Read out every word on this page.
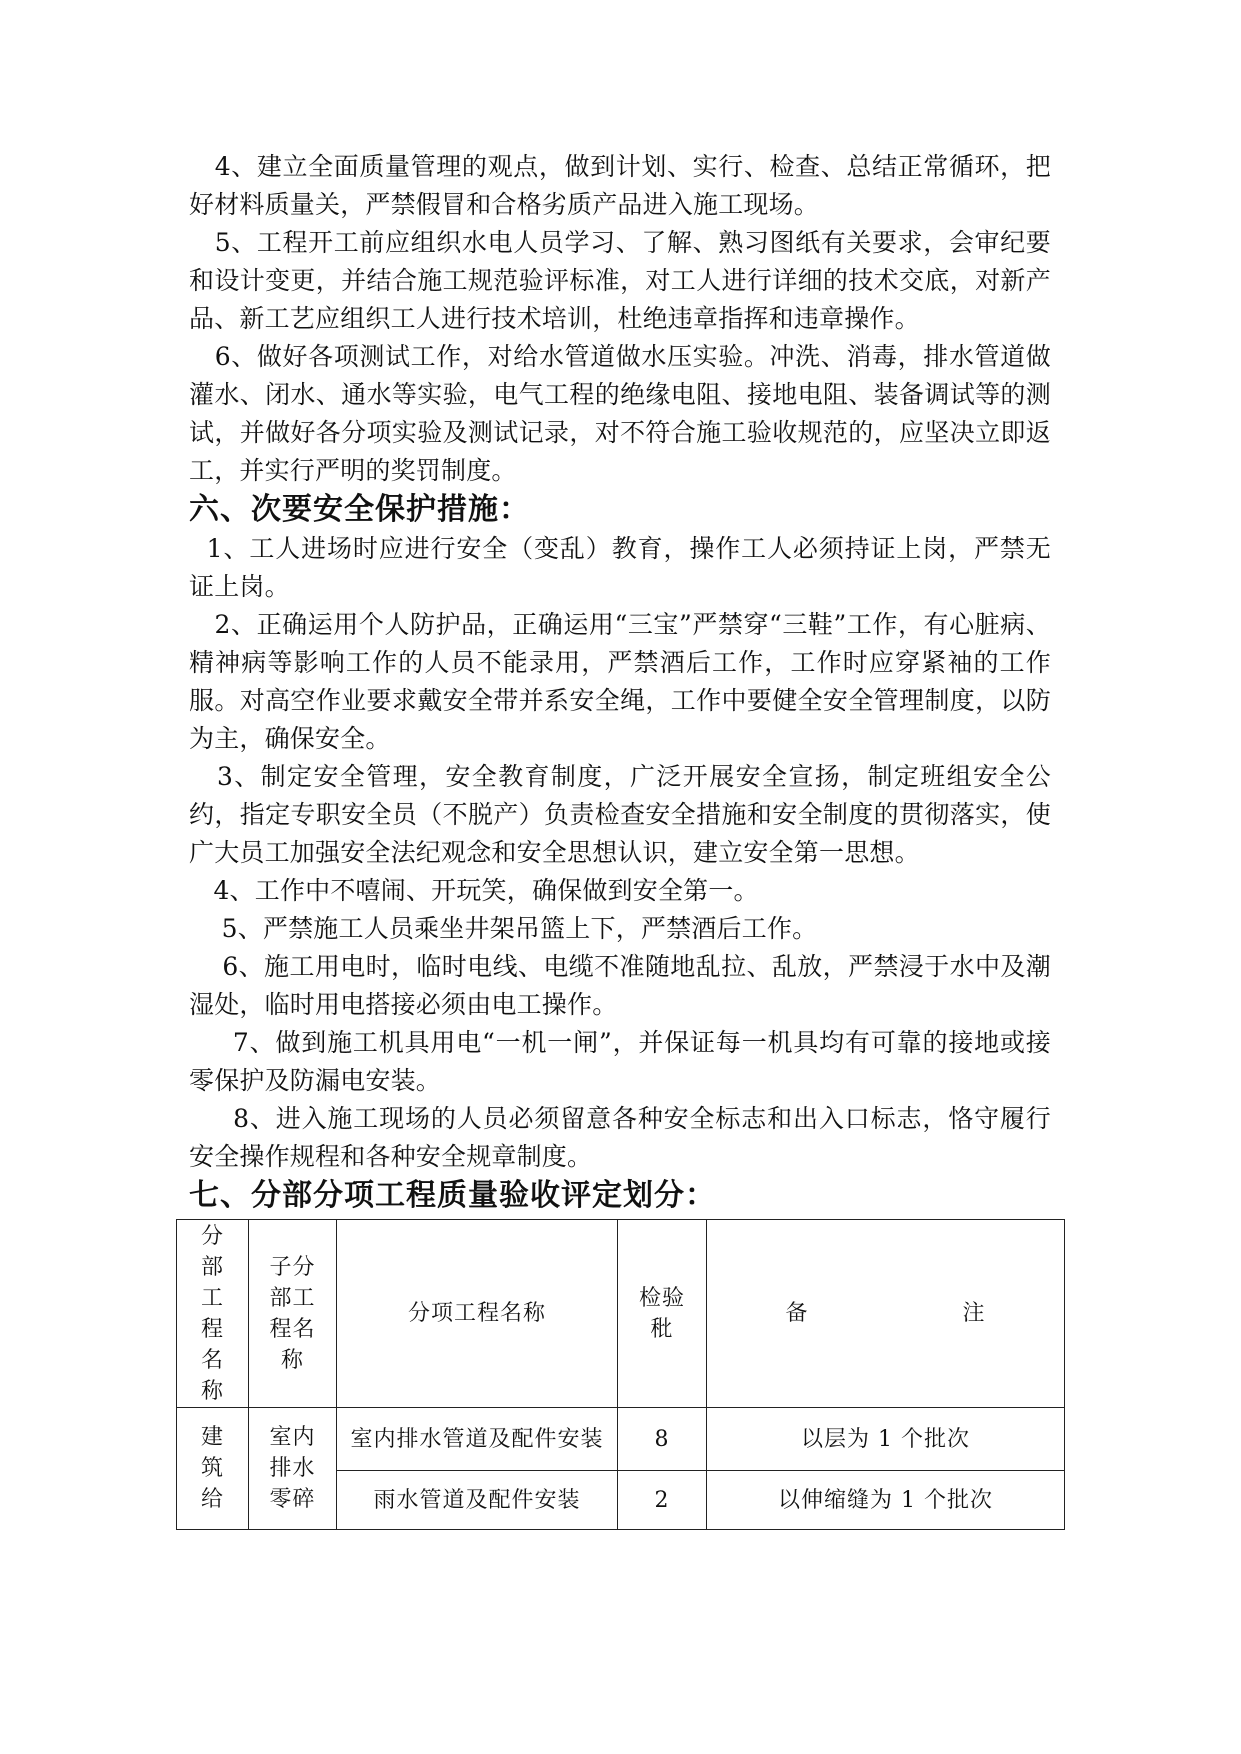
4、建立全面质量管理的观点，做到计划、实行、检查、总结正常循环，把好材料质量关，严禁假冒和合格劣质产品进入施工现场。

5、工程开工前应组织水电人员学习、了解、熟习图纸有关要求，会审纪要和设计变更，并结合施工规范验评标准，对工人进行详细的技术交底，对新产品、新工艺应组织工人进行技术培训，杜绝违章指挥和违章操作。

6、做好各项测试工作，对给水管道做水压实验。冲洗、消毒，排水管道做灌水、闭水、通水等实验，电气工程的绝缘电阻、接地电阻、装备调试等的测试，并做好各分项实验及测试记录，对不符合施工验收规范的，应坚决立即返工，并实行严明的奖罚制度。

六、次要安全保护措施：

1、工人进场时应进行安全（变乱）教育，操作工人必须持证上岗，严禁无证上岗。

2、正确运用个人防护品，正确运用“三宝”严禁穿“三鞋”工作，有心脏病、精神病等影响工作的人员不能录用，严禁酒后工作，工作时应穿紧袖的工作服。对高空作业要求戴安全带并系安全绳，工作中要健全安全管理制度，以防为主，确保安全。

3、制定安全管理，安全教育制度，广泛开展安全宣扬，制定班组安全公约，指定专职安全员（不脱产）负责检查安全措施和安全制度的贯彻落实，使广大员工加强安全法纪观念和安全思想认识，建立安全第一思想。

4、工作中不嘻闹、开玩笑，确保做到安全第一。

5、严禁施工人员乘坐井架吊篮上下，严禁酒后工作。

6、施工用电时，临时电线、电缆不准随地乱拉、乱放，严禁浸于水中及潮湿处，临时用电搭接必须由电工操作。

7、做到施工机具用电“一机一闸”，并保证每一机具均有可靠的接地或接零保护及防漏电安装。

8、进入施工现场的人员必须留意各种安全标志和出入口标志，恪守履行安全操作规程和各种安全规章制度。

七、分部分项工程质量验收评定划分：
分部工程名称	子分部工程名称	分项工程名称	检验秕	备 注

建筑给	室内排水零碎	室内排水管道及配件安装	8	以层为 1 个批次
		雨水管道及配件安装	2	以伸缩缝为 1 个批次
